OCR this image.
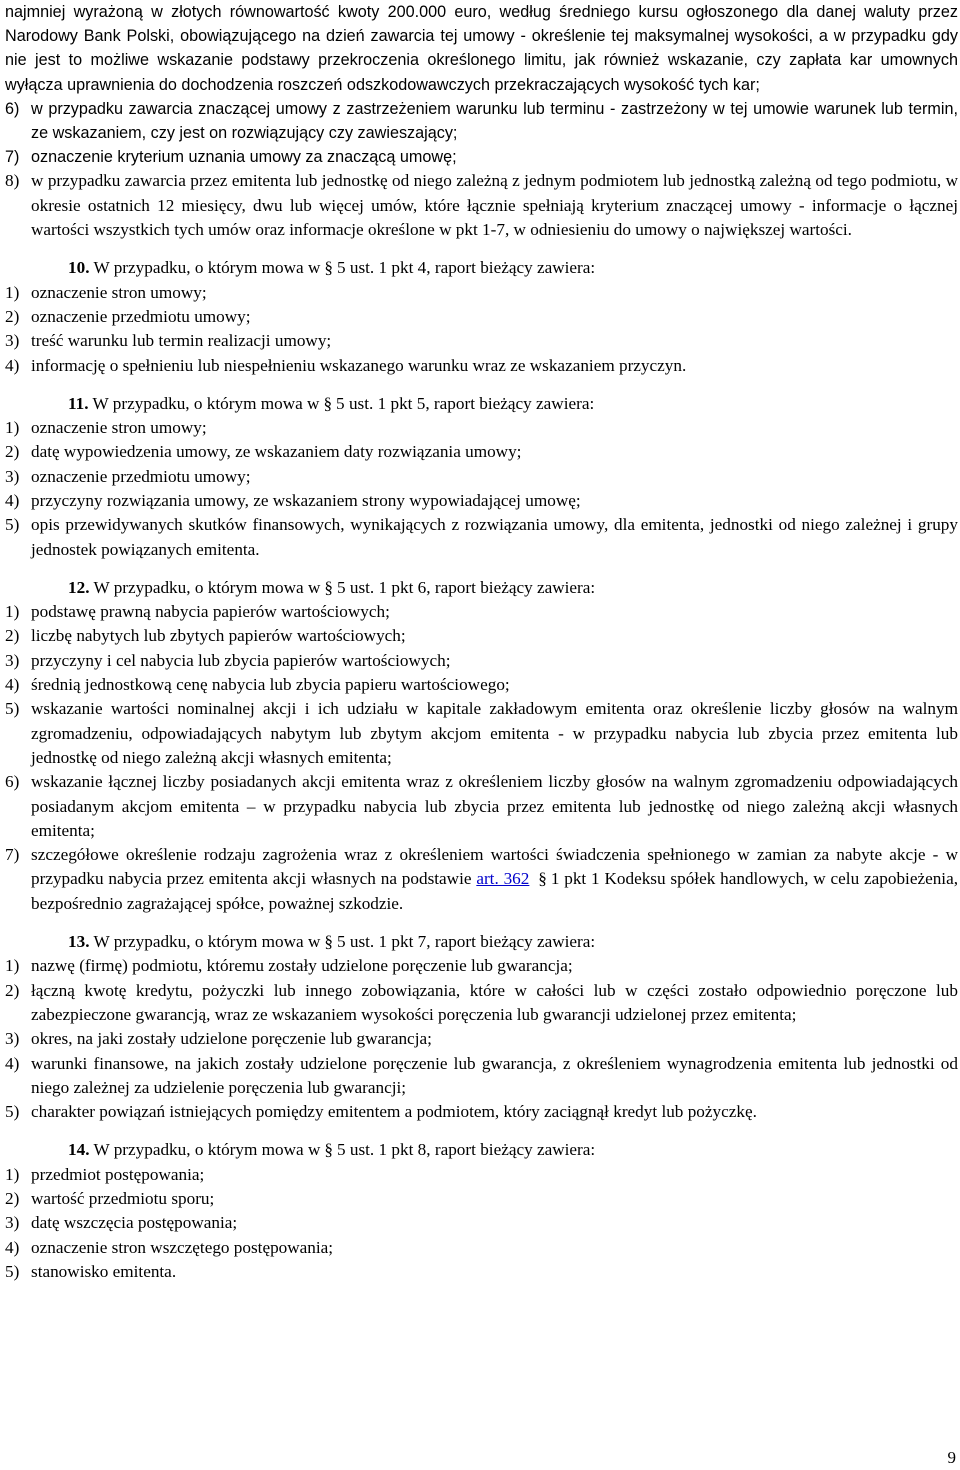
najmniej wyrażoną w złotych równowartość kwoty 200.000 euro, według średniego kursu ogłoszonego dla danej waluty przez Narodowy Bank Polski, obowiązującego na dzień zawarcia tej umowy - określenie tej maksymalnej wysokości, a w przypadku gdy nie jest to możliwe wskazanie podstawy przekroczenia określonego limitu, jak również wskazanie, czy zapłata kar umownych wyłącza uprawnienia do dochodzenia roszczeń odszkodowawczych przekraczających wysokość tych kar;

6) w przypadku zawarcia znaczącej umowy z zastrzeżeniem warunku lub terminu - zastrzeżony w tej umowie warunek lub termin, ze wskazaniem, czy jest on rozwiązujący czy zawieszający;
7) oznaczenie kryterium uznania umowy za znaczącą umowę;
8) w przypadku zawarcia przez emitenta lub jednostkę od niego zależną z jednym podmiotem lub jednostką zależną od tego podmiotu, w okresie ostatnich 12 miesięcy, dwu lub więcej umów, które łącznie spełniają kryterium znaczącej umowy - informacje o łącznej wartości wszystkich tych umów oraz informacje określone w pkt 1-7, w odniesieniu do umowy o największej wartości.

10. W przypadku, o którym mowa w § 5 ust. 1 pkt 4, raport bieżący zawiera:

1) oznaczenie stron umowy;
2) oznaczenie przedmiotu umowy;
3) treść warunku lub termin realizacji umowy;
4) informację o spełnieniu lub niespełnieniu wskazanego warunku wraz ze wskazaniem przyczyn.

11. W przypadku, o którym mowa w § 5 ust. 1 pkt 5, raport bieżący zawiera:

1) oznaczenie stron umowy;
2) datę wypowiedzenia umowy, ze wskazaniem daty rozwiązania umowy;
3) oznaczenie przedmiotu umowy;
4) przyczyny rozwiązania umowy, ze wskazaniem strony wypowiadającej umowę;
5) opis przewidywanych skutków finansowych, wynikających z rozwiązania umowy, dla emitenta, jednostki od niego zależnej i grupy jednostek powiązanych emitenta.

12. W przypadku, o którym mowa w § 5 ust. 1 pkt 6, raport bieżący zawiera:

1) podstawę prawną nabycia papierów wartościowych;
2) liczbę nabytych lub zbytych papierów wartościowych;
3) przyczyny i cel nabycia lub zbycia papierów wartościowych;
4) średnią jednostkową cenę nabycia lub zbycia papieru wartościowego;
5) wskazanie wartości nominalnej akcji i ich udziału w kapitale zakładowym emitenta oraz określenie liczby głosów na walnym zgromadzeniu, odpowiadających nabytym lub zbytym akcjom emitenta - w przypadku nabycia lub zbycia przez emitenta lub jednostkę od niego zależną akcji własnych emitenta;
6) wskazanie łącznej liczby posiadanych akcji emitenta wraz z określeniem liczby głosów na walnym zgromadzeniu odpowiadających posiadanym akcjom emitenta – w przypadku nabycia lub zbycia przez emitenta lub jednostkę od niego zależną akcji własnych emitenta;
7) szczegółowe określenie rodzaju zagrożenia wraz z określeniem wartości świadczenia spełnionego w zamian za nabyte akcje - w przypadku nabycia przez emitenta akcji własnych na podstawie art. 362 § 1 pkt 1 Kodeksu spółek handlowych, w celu zapobieżenia, bezpośrednio zagrażającej spółce, poważnej szkodzie.

13. W przypadku, o którym mowa w § 5 ust. 1 pkt 7, raport bieżący zawiera:

1) nazwę (firmę) podmiotu, któremu zostały udzielone poręczenie lub gwarancja;
2) łączną kwotę kredytu, pożyczki lub innego zobowiązania, które w całości lub w części zostało odpowiednio poręczone lub zabezpieczone gwarancją, wraz ze wskazaniem wysokości poręczenia lub gwarancji udzielonej przez emitenta;
3) okres, na jaki zostały udzielone poręczenie lub gwarancja;
4) warunki finansowe, na jakich zostały udzielone poręczenie lub gwarancja, z określeniem wynagrodzenia emitenta lub jednostki od niego zależnej za udzielenie poręczenia lub gwarancji;
5) charakter powiązań istniejących pomiędzy emitentem a podmiotem, który zaciągnął kredyt lub pożyczkę.

14. W przypadku, o którym mowa w § 5 ust. 1 pkt 8, raport bieżący zawiera:

1) przedmiot postępowania;
2) wartość przedmiotu sporu;
3) datę wszczęcia postępowania;
4) oznaczenie stron wszczętego postępowania;
5) stanowisko emitenta.
9
